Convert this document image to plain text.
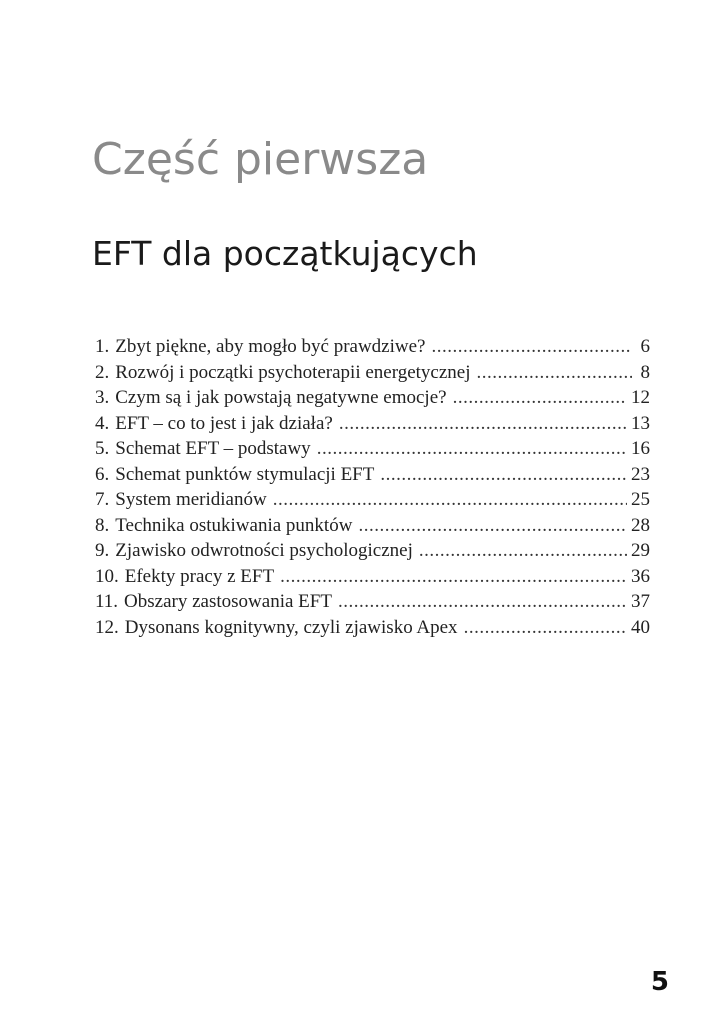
Część pierwsza
EFT dla początkujących
1. Zbyt piękne, aby mogło być prawdziwe? .....	6
2. Rozwój i początki psychoterapii energetycznej .....	8
3. Czym są i jak powstają negatywne emocje? .....	12
4. EFT – co to jest i jak działa? .....	13
5. Schemat EFT – podstawy .....	16
6. Schemat punktów stymulacji EFT .....	23
7. System meridianów .....	25
8. Technika ostukiwania punktów .....	28
9. Zjawisko odwrotności psychologicznej .....	29
10. Efekty pracy z EFT .....	36
11. Obszary zastosowania EFT .....	37
12. Dysonans kognitywny, czyli zjawisko Apex .....	40
5
